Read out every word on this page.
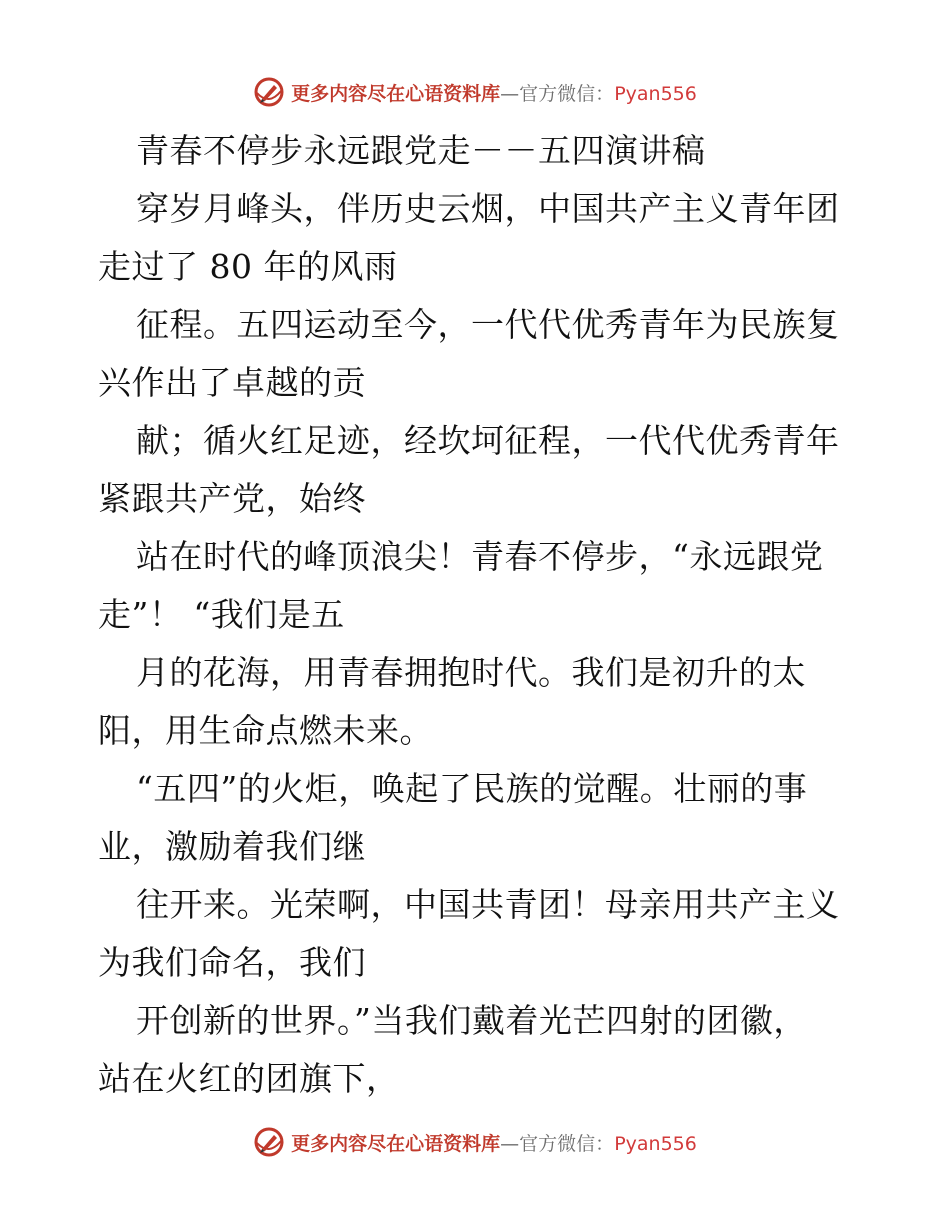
更多内容尽在心语资料库—官方微信：Pyan556
青春不停步永远跟党走－－五四演讲稿
穿岁月峰头，伴历史云烟，中国共产主义青年团
走过了 80 年的风雨
征程。五四运动至今，一代代优秀青年为民族复
兴作出了卓越的贡
献；循火红足迹，经坎坷征程，一代代优秀青年
紧跟共产党，始终
站在时代的峰顶浪尖！青春不停步，“永远跟党
走”！ “我们是五
月的花海，用青春拥抱时代。我们是初升的太
阳，用生命点燃未来。
“五四”的火炬，唤起了民族的觉醒。壮丽的事
业，激励着我们继
往开来。光荣啊，中国共青团！母亲用共产主义
为我们命名，我们
开创新的世界。”当我们戴着光芒四射的团徽，
站在火红的团旗下，
更多内容尽在心语资料库—官方微信：Pyan556
